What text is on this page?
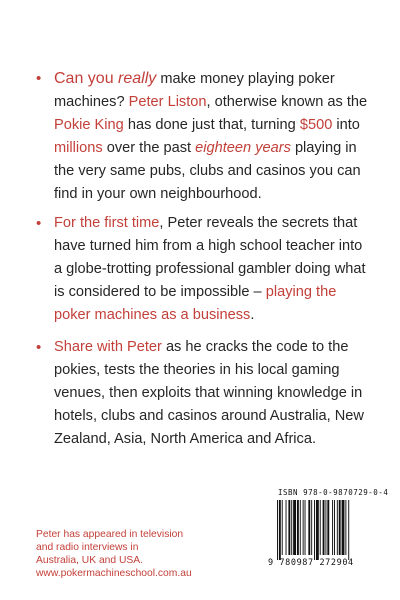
• Can you really make money playing poker machines? Peter Liston, otherwise known as the Pokie King has done just that, turning $500 into millions over the past eighteen years playing in the very same pubs, clubs and casinos you can find in your own neighbourhood.
• For the first time, Peter reveals the secrets that have turned him from a high school teacher into a globe-trotting professional gambler doing what is considered to be impossible – playing the poker machines as a business.
• Share with Peter as he cracks the code to the pokies, tests the theories in his local gaming venues, then exploits that winning knowledge in hotels, clubs and casinos around Australia, New Zealand, Asia, North America and Africa.
Peter has appeared in television
and radio interviews in
Australia, UK and USA.
www.pokermachineschool.com.au
ISBN 978-0-9870729-0-4
9 780987 272904
